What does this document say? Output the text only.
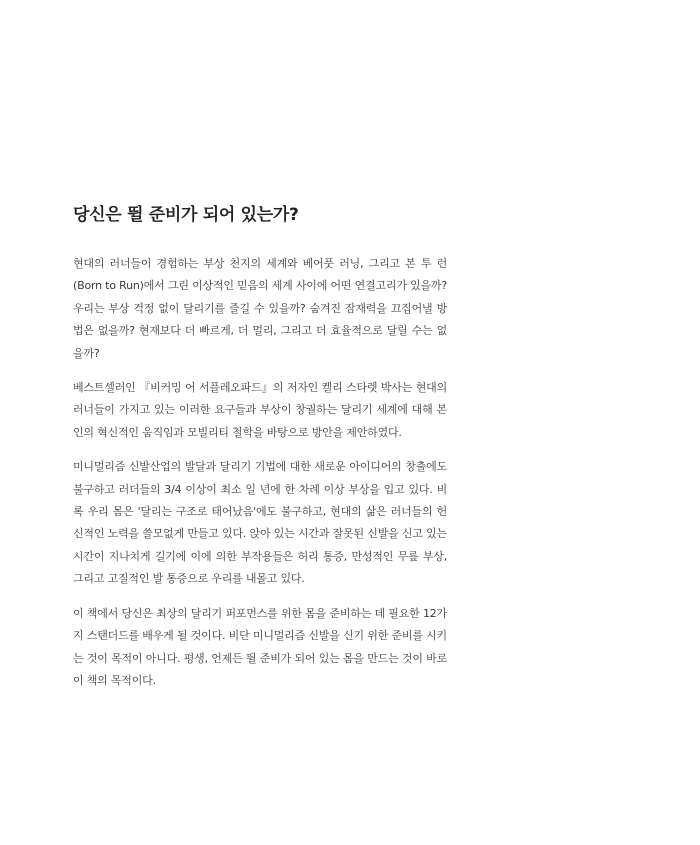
당신은 뛸 준비가 되어 있는가?

현대의 러너들이 경험하는 부상 천지의 세계와 베어풋 러닝, 그리고 본 투 런(Born to Run)에서 그린 이상적인 믿음의 세계 사이에 어떤 연결고리가 있을까? 우리는 부상 걱정 없이 달리기를 즐길 수 있을까? 숨겨진 잠재력을 끄집어낼 방법은 없을까? 현재보다 더 빠르게, 더 멀리, 그리고 더 효율적으로 달릴 수는 없을까?

베스트셀러인 『비커밍 어 서플레오파드』의 저자인 켈리 스타렛 박사는 현대의 러너들이 가지고 있는 이러한 요구들과 부상이 창궐하는 달리기 세계에 대해 본인의 혁신적인 움직임과 모빌리티 철학을 바탕으로 방안을 제안하였다.

미니멀리즘 신발산업의 발달과 달리기 기법에 대한 새로운 아이디어의 창출에도 불구하고 러더들의 3/4 이상이 최소 일 년에 한 차례 이상 부상을 입고 있다. 비록 우리 몸은 '달리는 구조로 태어났음'에도 불구하고, 현대의 삶은 러너들의 헌신적인 노력을 쓸모없게 만들고 있다. 앉아 있는 시간과 잘못된 신발을 신고 있는 시간이 지나치게 길기에 이에 의한 부작용들은 허리 통증, 만성적인 무릎 부상, 그리고 고질적인 발 통증으로 우리를 내몰고 있다.

이 책에서 당신은 최상의 달리기 퍼포먼스를 위한 몸을 준비하는 데 필요한 12가지 스탠더드를 배우게 될 것이다. 비단 미니멀리즘 신발을 신기 위한 준비를 시키는 것이 목적이 아니다. 평생, 언제든 뛸 준비가 되어 있는 몸을 만드는 것이 바로 이 책의 목적이다.
